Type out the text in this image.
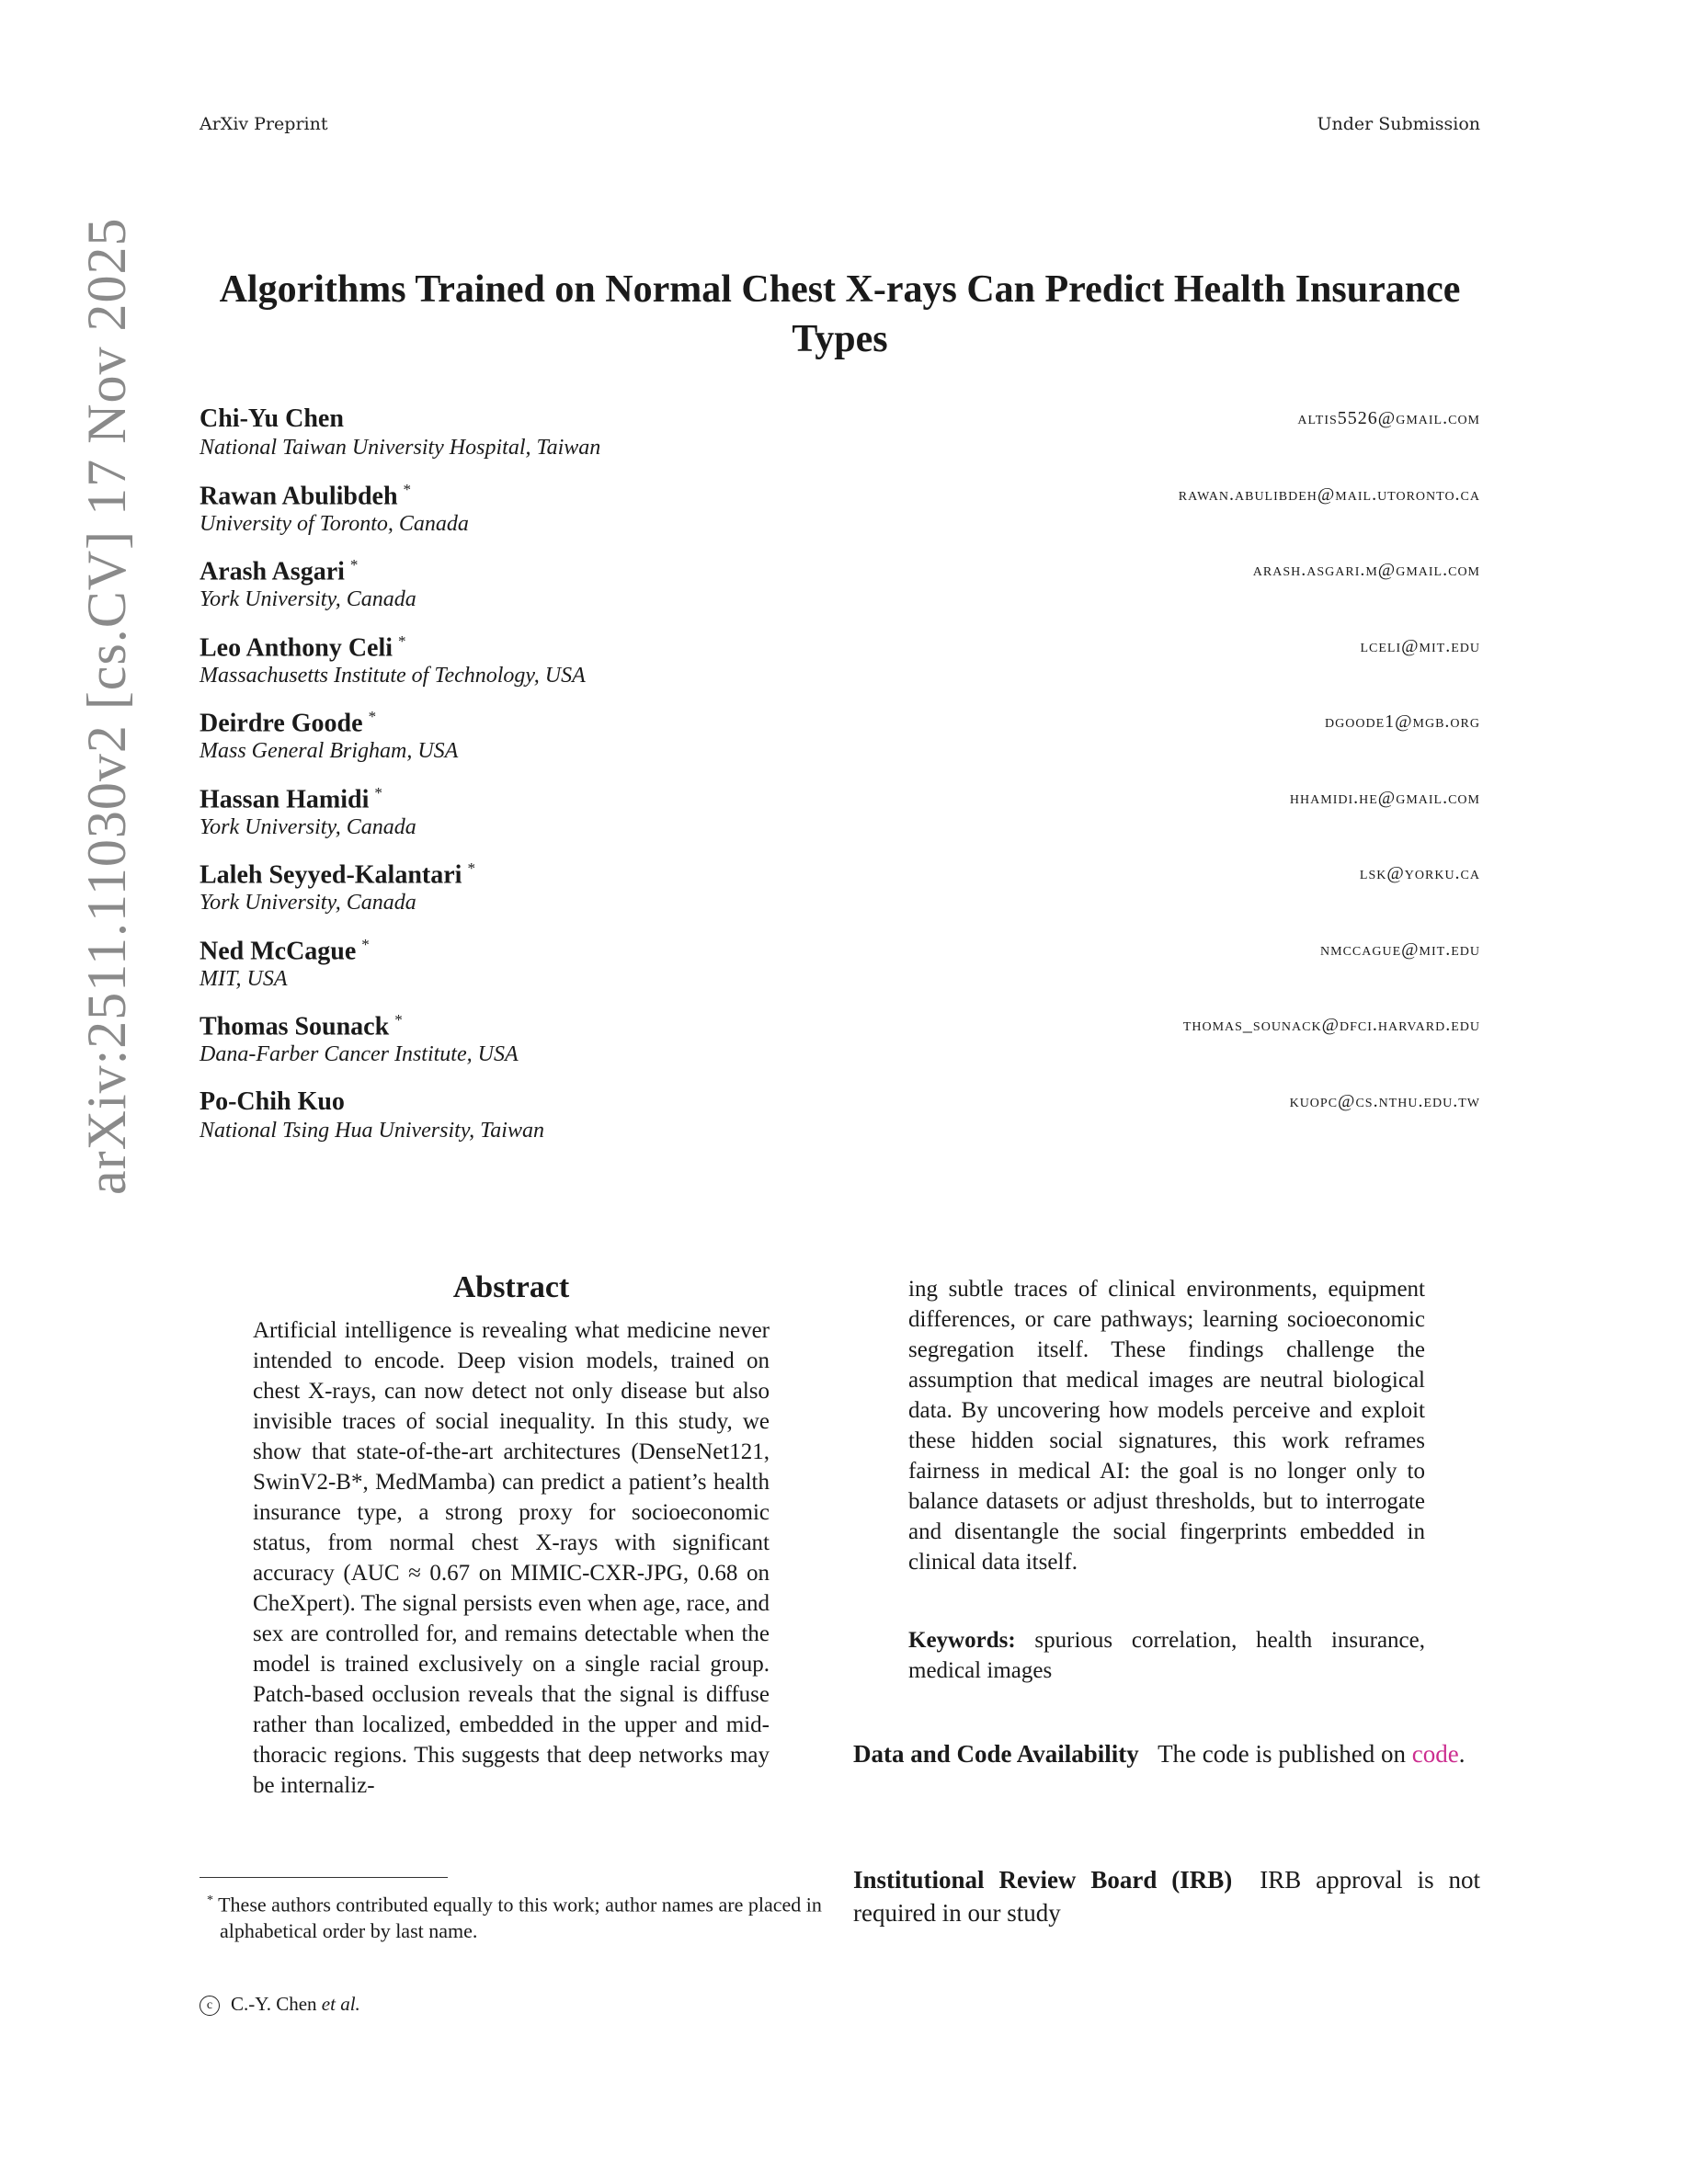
ArXiv Preprint	Under Submission
arXiv:2511.11030v2 [cs.CV] 17 Nov 2025	Algorithms Trained on Normal Chest X-rays Can Predict Health Insurance Types
Chi-Yu Chen
National Taiwan University Hospital, Taiwan
altis5526@gmail.com
Rawan Abulibdeh *
University of Toronto, Canada
rawan.abulibdeh@mail.utoronto.ca
Arash Asgari *
York University, Canada
arash.asgari.m@gmail.com
Leo Anthony Celi *
Massachusetts Institute of Technology, USA
lceli@mit.edu
Deirdre Goode *
Mass General Brigham, USA
dgoode1@mgb.org
Hassan Hamidi *
York University, Canada
hhamidi.he@gmail.com
Laleh Seyyed-Kalantari *
York University, Canada
lsk@yorku.ca
Ned McCague *
MIT, USA
nmccague@mit.edu
Thomas Sounack *
Dana-Farber Cancer Institute, USA
thomas_sounack@dfci.harvard.edu
Po-Chih Kuo
National Tsing Hua University, Taiwan
kuopc@cs.nthu.edu.tw
Abstract
Artificial intelligence is revealing what medicine never intended to encode. Deep vision models, trained on chest X-rays, can now detect not only disease but also invisible traces of social inequality. In this study, we show that state-of-the-art architectures (DenseNet121, SwinV2-B*, MedMamba) can predict a patient’s health insurance type, a strong proxy for socioeconomic status, from normal chest X-rays with significant accuracy (AUC ≈ 0.67 on MIMIC-CXR-JPG, 0.68 on CheXpert). The signal persists even when age, race, and sex are controlled for, and remains detectable when the model is trained exclusively on a single racial group. Patch-based occlusion reveals that the signal is diffuse rather than localized, embedded in the upper and mid-thoracic regions. This suggests that deep networks may be internaliz-
ing subtle traces of clinical environments, equipment differences, or care pathways; learning socioeconomic segregation itself. These findings challenge the assumption that medical images are neutral biological data. By uncovering how models perceive and exploit these hidden social signatures, this work reframes fairness in medical AI: the goal is no longer only to balance datasets or adjust thresholds, but to interrogate and disentangle the social fingerprints embedded in clinical data itself.
Keywords: spurious correlation, health insurance, medical images
Data and Code Availability The code is published on code.
Institutional Review Board (IRB) IRB approval is not required in our study
* These authors contributed equally to this work; author names are placed in alphabetical order by last name.
c C.-Y. Chen et al.
